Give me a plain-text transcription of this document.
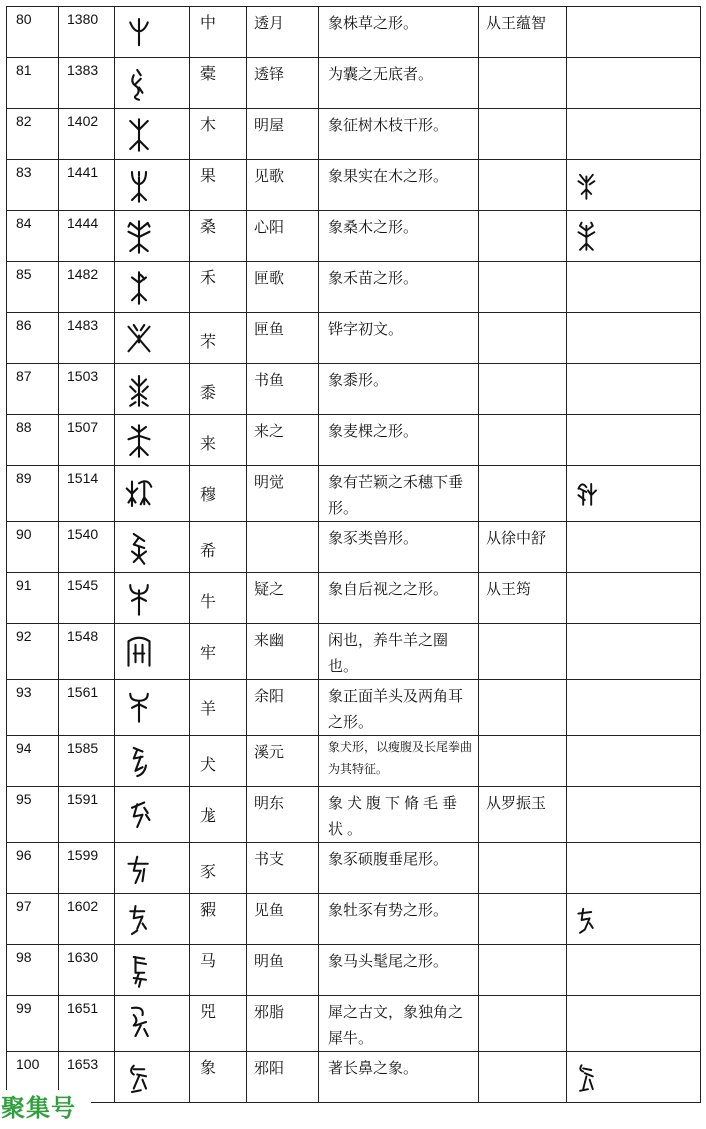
80	1380		中	透月	象株草之形。	从王蕴智	

81	1383		橐	透铎	为囊之无底者。		

82	1402		木	明屋	象征树木枝干形。		

83	1441		果	见歌	象果实在木之形。

84	1444		桑	心阳	象桑木之形。

85	1482		禾	匣歌	象禾苗之形。		

86	1483		芣	匣鱼	铧字初文。		

87	1503		黍	书鱼	象黍形。		

88	1507		来	来之	象麦棵之形。		

89	1514		穆	明觉	象有芒颖之禾穗下垂形。

90	1540		希		象豕类兽形。	从徐中舒	

91	1545		牛	疑之	象自后视之之形。	从王筠	

92	1548		牢	来幽	闲也，养牛羊之圈也。		

93	1561		羊	余阳	象正面羊头及两角耳之形。		

94	1585		犬	溪元	象犬形，以瘦腹及长尾拳曲为其特征。		

95	1591		尨	明东	象犬腹下脩毛垂状。	从罗振玉	

96	1599		豕	书支	象豕硕腹垂尾形。		

97	1602		豭	见鱼	象牡豕有势之形。

98	1630		马	明鱼	象马头髦尾之形。		

99	1651		兕	邪脂	犀之古文，象独角之犀牛。		

100	1653		象	邪阳	著长鼻之象。

聚集号
